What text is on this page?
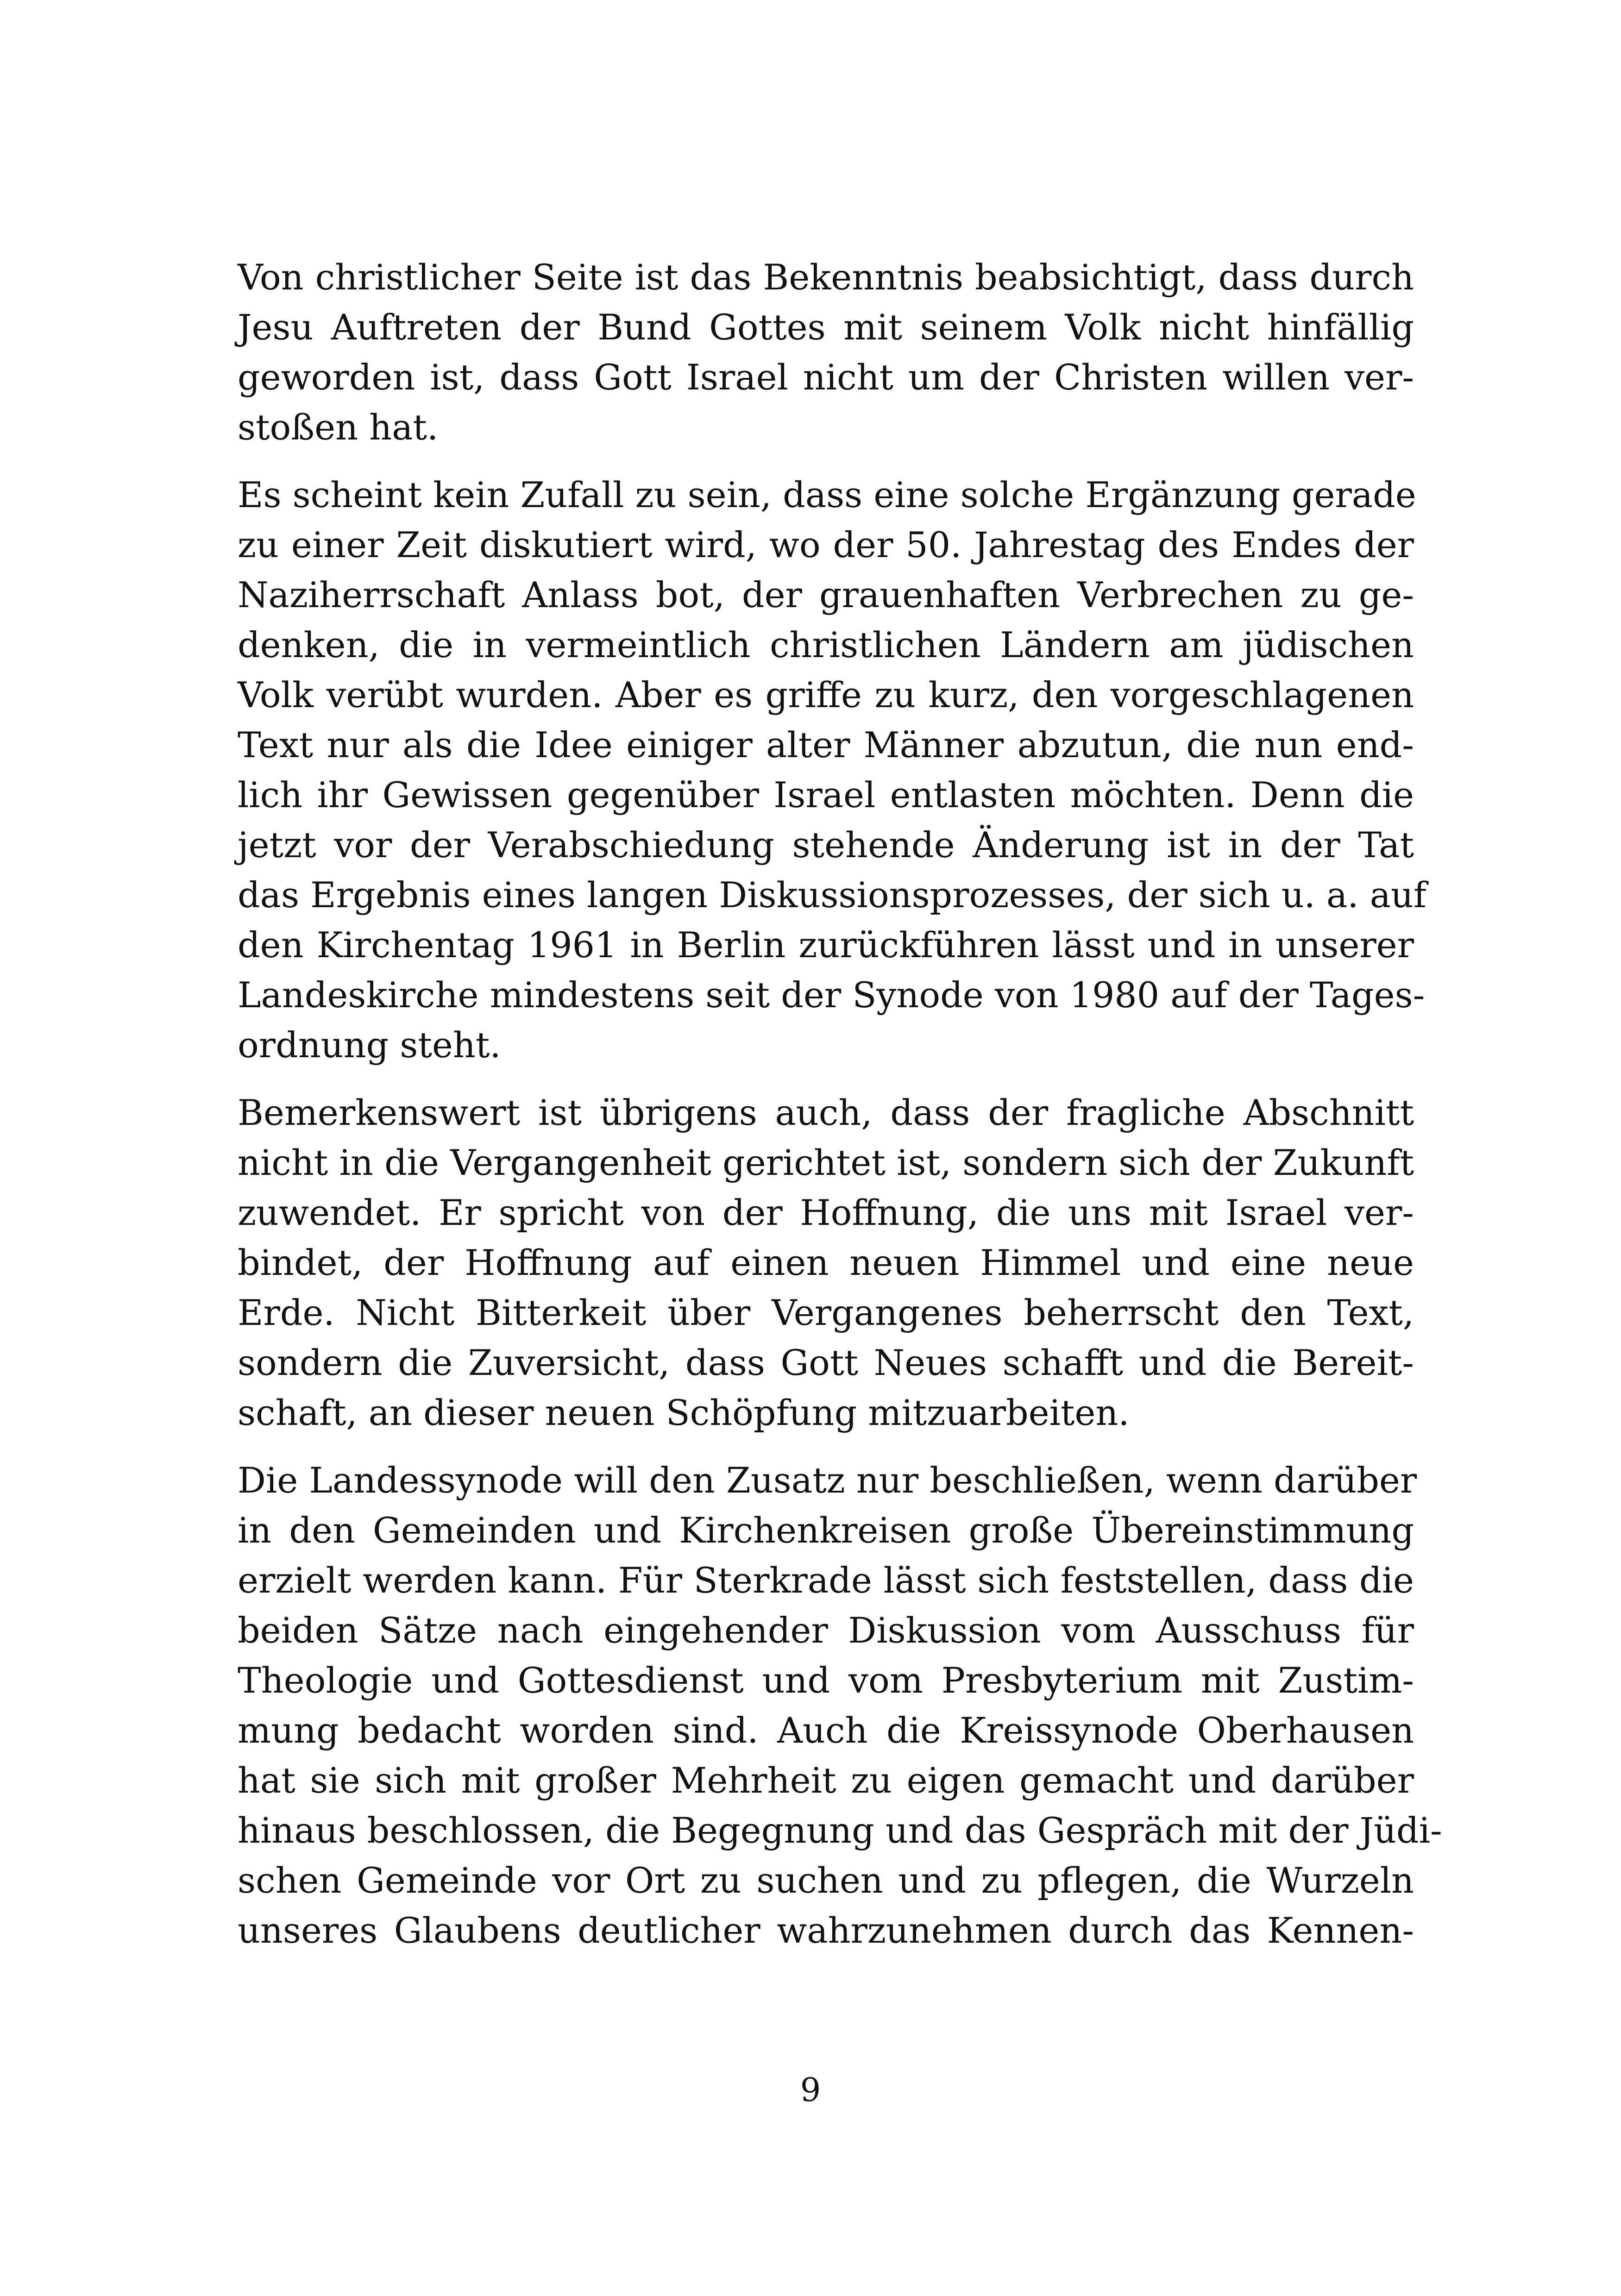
Von christlicher Seite ist das Bekenntnis beabsichtigt, dass durch
Jesu Auftreten der Bund Gottes mit seinem Volk nicht hinfällig
geworden ist, dass Gott Israel nicht um der Christen willen ver-
stoßen hat.
Es scheint kein Zufall zu sein, dass eine solche Ergänzung gerade
zu einer Zeit diskutiert wird, wo der 50. Jahrestag des Endes der
Naziherrschaft Anlass bot, der grauenhaften Verbrechen zu ge-
denken, die in vermeintlich christlichen Ländern am jüdischen
Volk verübt wurden. Aber es griffe zu kurz, den vorgeschlagenen
Text nur als die Idee einiger alter Männer abzutun, die nun end-
lich ihr Gewissen gegenüber Israel entlasten möchten. Denn die
jetzt vor der Verabschiedung stehende Änderung ist in der Tat
das Ergebnis eines langen Diskussionsprozesses, der sich u. a. auf
den Kirchentag 1961 in Berlin zurückführen lässt und in unserer
Landeskirche mindestens seit der Synode von 1980 auf der Tages-
ordnung steht.
Bemerkenswert ist übrigens auch, dass der fragliche Abschnitt
nicht in die Vergangenheit gerichtet ist, sondern sich der Zukunft
zuwendet. Er spricht von der Hoffnung, die uns mit Israel ver-
bindet, der Hoffnung auf einen neuen Himmel und eine neue
Erde. Nicht Bitterkeit über Vergangenes beherrscht den Text,
sondern die Zuversicht, dass Gott Neues schafft und die Bereit-
schaft, an dieser neuen Schöpfung mitzuarbeiten.
Die Landessynode will den Zusatz nur beschließen, wenn darüber
in den Gemeinden und Kirchenkreisen große Übereinstimmung
erzielt werden kann. Für Sterkrade lässt sich feststellen, dass die
beiden Sätze nach eingehender Diskussion vom Ausschuss für
Theologie und Gottesdienst und vom Presbyterium mit Zustim-
mung bedacht worden sind. Auch die Kreissynode Oberhausen
hat sie sich mit großer Mehrheit zu eigen gemacht und darüber
hinaus beschlossen, die Begegnung und das Gespräch mit der Jüdi-
schen Gemeinde vor Ort zu suchen und zu pflegen, die Wurzeln
unseres Glaubens deutlicher wahrzunehmen durch das Kennen-
9
